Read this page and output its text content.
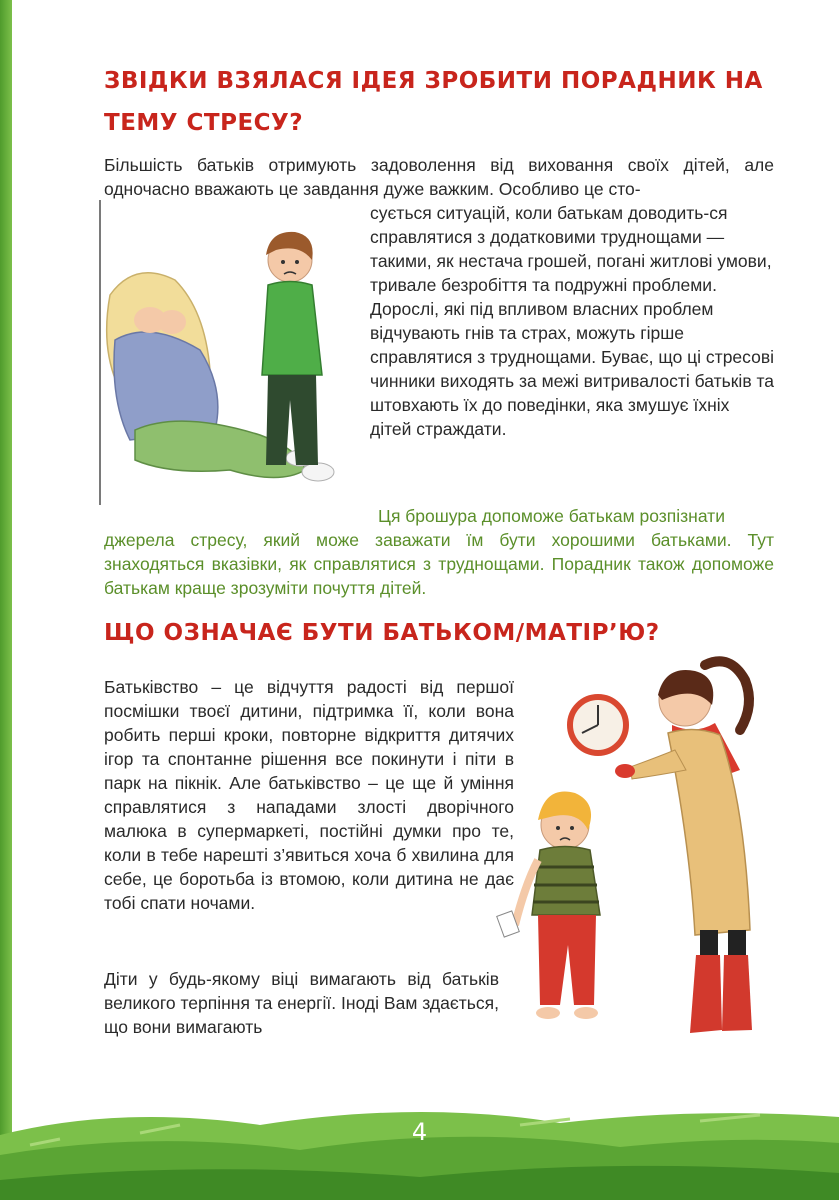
ЗВІДКИ ВЗЯЛАСЯ ІДЕЯ ЗРОБИТИ ПОРАДНИК НА ТЕМУ СТРЕСУ?

Більшість батьків отримують задоволення від виховання своїх дітей, але одночасно вважають це завдання дуже важким. Особливо це сто-

сується ситуацій, коли батькам доводить-ся справлятися з додатковими труднощами — такими, як нестача грошей, погані житлові умови, тривале безробіття та подружні проблеми. Дорослі, які під впливом власних проблем відчувають гнів та страх, можуть гірше справлятися з труднощами. Буває, що ці стресові чинники виходять за межі витривалості батьків та штовхають їх до поведінки, яка змушує їхніх дітей страждати.

Ця брошура допоможе батькам розпізнати

джерела стресу, який може заважати їм бути хорошими батьками. Тут знаходяться вказівки, як справлятися з труднощами. Порадник також допоможе батькам краще зрозуміти почуття дітей.

ЩО ОЗНАЧАЄ БУТИ БАТЬКОМ/МАТІР’Ю?

Батьківство – це відчуття радості від першої посмішки твоєї дитини, підтримка її, коли вона робить перші кроки, повторне відкриття дитячих ігор та спонтанне рішення все покинути і піти в парк на пікнік. Але батьківство – це ще й уміння справлятися з нападами злості дворічного малюка в супермаркеті, постійні думки про те, коли в тебе нарешті з’явиться хоча б хвилина для себе, це боротьба із втомою, коли дитина не дає тобі спати ночами.

Діти у будь-якому віці вимагають від батьків великого терпіння та енергії. Іноді Вам здається, що вони вимагають

4
